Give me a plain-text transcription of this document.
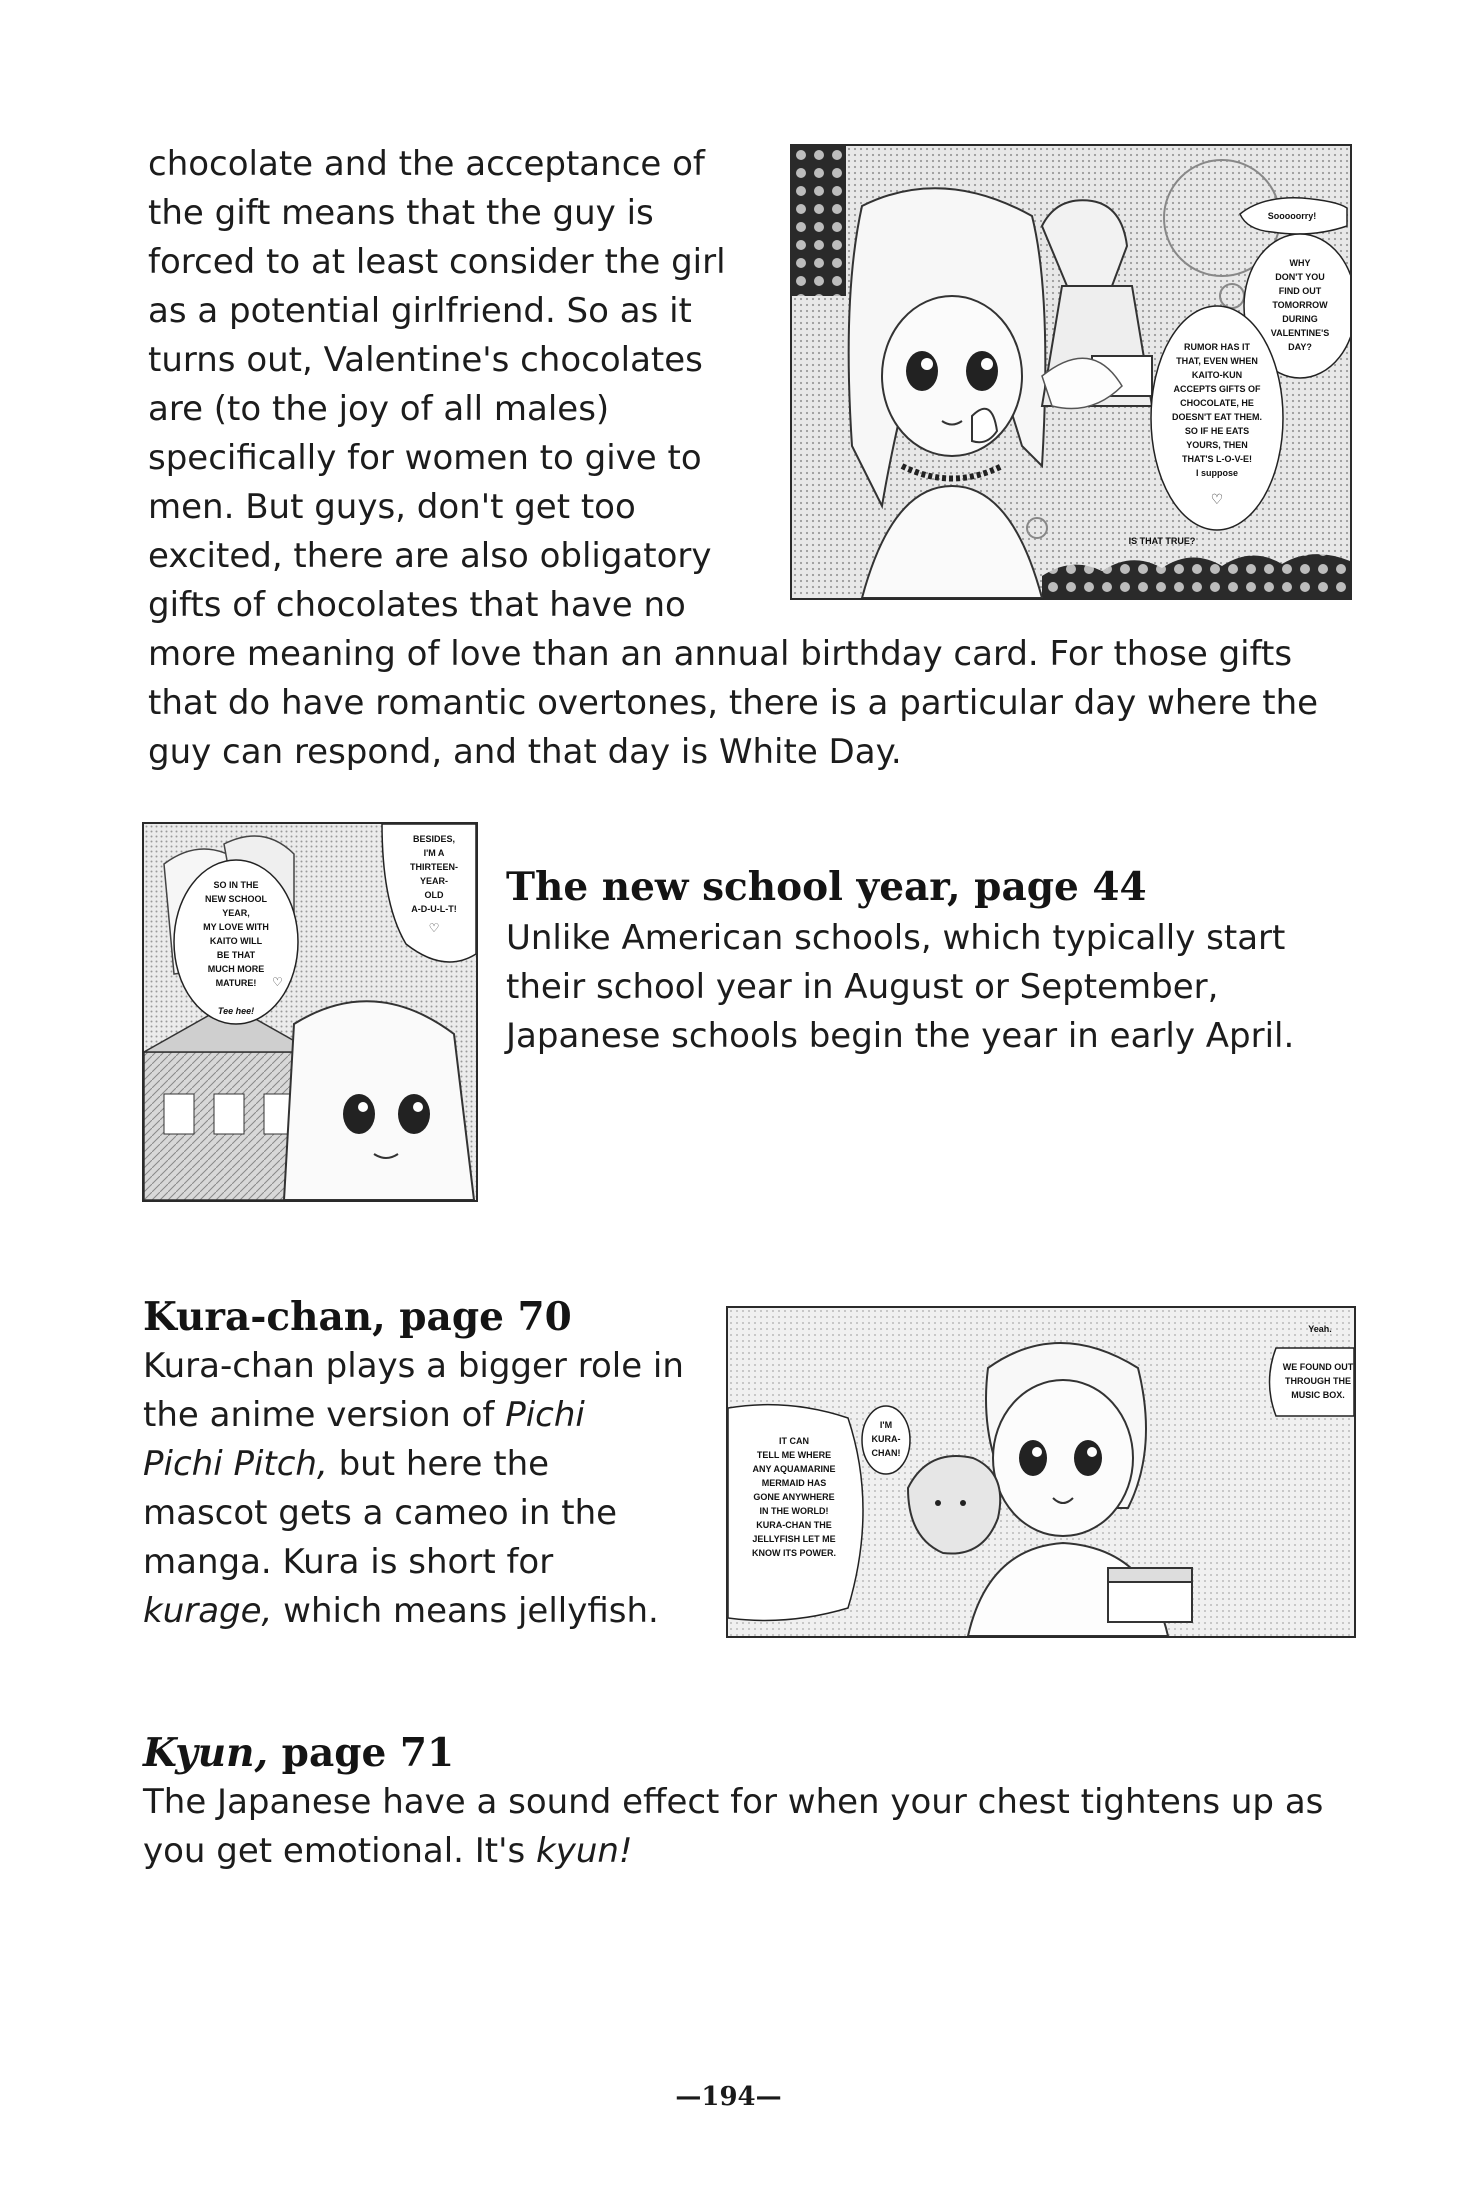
chocolate and the acceptance of
the gift means that the guy is
forced to at least consider the girl
as a potential girlfriend. So as it
turns out, Valentine's chocolates
are (to the joy of all males)
specifically for women to give to
men. But guys, don't get too
excited, there are also obligatory
gifts of chocolates that have no
more meaning of love than an annual birthday card. For those gifts
that do have romantic overtones, there is a particular day where the
guy can respond, and that day is White Day.
Sooooorry!
WHY
DON'T YOU
FIND OUT
TOMORROW
DURING
VALENTINE'S
DAY?
RUMOR HAS IT
THAT, EVEN WHEN
KAITO-KUN
ACCEPTS GIFTS OF
CHOCOLATE, HE
DOESN'T EAT THEM.
SO IF HE EATS
YOURS, THEN
THAT'S L-O-V-E!
I suppose
♡
IS THAT TRUE?
SO IN THE
NEW SCHOOL
YEAR,
MY LOVE WITH
KAITO WILL
BE THAT
MUCH MORE
MATURE! ♡
Tee hee!
BESIDES,
I'M A
THIRTEEN-
YEAR-
OLD
A-D-U-L-T!
♡
The new school year, page 44
Unlike American schools, which typically start
their school year in August or September,
Japanese schools begin the year in early April.
Kura-chan, page 70
Kura-chan plays a bigger role in
the anime version of Pichi
Pichi Pitch, but here the
mascot gets a cameo in the
manga. Kura is short for
kurage, which means jellyfish.
Yeah.
WE FOUND OUT
THROUGH THE
MUSIC BOX.
IT CAN
TELL ME WHERE
ANY AQUAMARINE
MERMAID HAS
GONE ANYWHERE
IN THE WORLD!
KURA-CHAN THE
JELLYFISH LET ME
KNOW ITS POWER.
I'M
KURA-
CHAN!
Kyun, page 71
The Japanese have a sound effect for when your chest tightens up as
you get emotional. It's kyun!
—194—
